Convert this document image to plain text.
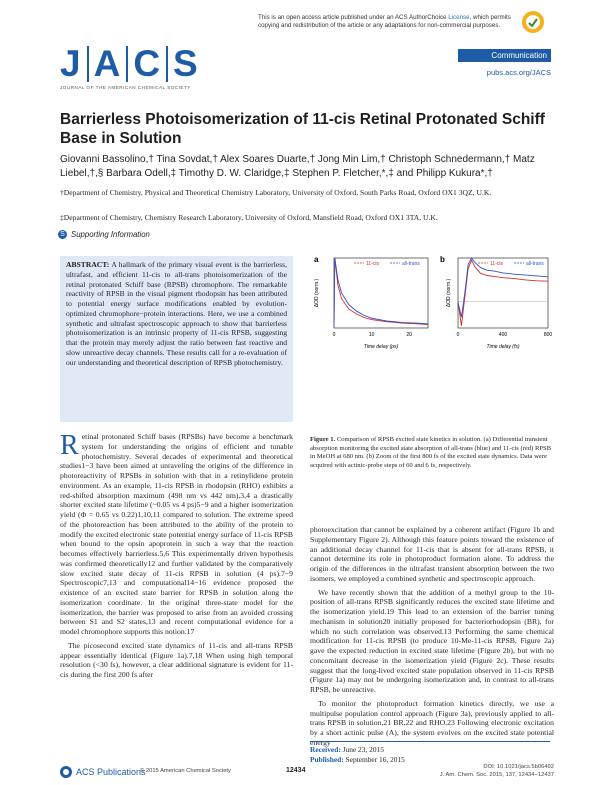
This is an open access article published under an ACS AuthorChoice License, which permits copying and redistribution of the article or any adaptations for non-commercial purposes.
J A C S
JOURNAL OF THE AMERICAN CHEMICAL SOCIETY
Communication
pubs.acs.org/JACS
Barrierless Photoisomerization of 11-cis Retinal Protonated Schiff Base in Solution
Giovanni Bassolino,† Tina Sovdat,† Alex Soares Duarte,† Jong Min Lim,† Christoph Schnedermann,† Matz Liebel,†,§ Barbara Odell,‡ Timothy D. W. Claridge,‡ Stephen P. Fletcher,*,‡ and Philipp Kukura*,†
†Department of Chemistry, Physical and Theoretical Chemistry Laboratory, University of Oxford, South Parks Road, Oxford OX1 3QZ, U.K.
‡Department of Chemistry, Chemistry Research Laboratory, University of Oxford, Mansfield Road, Oxford OX1 3TA, U.K.
S Supporting Information
ABSTRACT: A hallmark of the primary visual event is the barrierless, ultrafast, and efficient 11-cis to all-trans photoisomerization of the retinal protonated Schiff base (RPSB) chromophore. The remarkable reactivity of RPSB in the visual pigment rhodopsin has been attributed to potential energy surface modifications enabled by evolution-optimized chromophore−protein interactions. Here, we use a combined synthetic and ultrafast spectroscopic approach to show that barrierless photoisomerization is an intrinsic property of 11-cis RPSB, suggesting that the protein may merely adjust the ratio between fast reactive and slow unreactive decay channels. These results call for a re-evaluation of our understanding and theoretical description of RPSB photochemistry.
a	b
ΔOD (norm.)	ΔOD (norm.)
Time delay (ps)	Time delay (fs)
11-cis	all-trans	11-cis	all-trans
0	10	20	0	400	800
Figure 1. Comparison of RPSB excited state kinetics in solution. (a) Differential transient absorption monitoring the excited state absorption of all-trans (blue) and 11-cis (red) RPSB in MeOH at 680 nm. (b) Zoom of the first 800 fs of the excited state dynamics. Data were acquired with actinic-probe steps of 60 and 6 fs, respectively.

Retinal protonated Schiff bases (RPSBs) have become a benchmark system for understanding the origins of efficient and tunable photochemistry. Several decades of experimental and theoretical studies1−3 have been aimed at unraveling the origins of the difference in photoreactivity of RPSBs in solution with that in a retinylidene protein environment. As an example, 11-cis RPSB in rhodopsin (RHO) exhibits a red-shifted absorption maximum (498 nm vs 442 nm),3,4 a drastically shorter excited state lifetime (~0.05 vs 4 ps)5−9 and a higher isomerization yield (Φ = 0.65 vs 0.22)1,10,11 compared to solution. The extreme speed of the photoreaction has been attributed to the ability of the protein to modify the excited electronic state potential energy surface of 11-cis RPSB when bound to the opsin apoprotein in such a way that the reaction becomes effectively barrierless.5,6 This experimentally driven hypothesis was confirmed theoretically12 and further validated by the comparatively slow excited state decay of 11-cis RPSB in solution (4 ps).7−9 Spectroscopic7,13 and computational14−16 evidence proposed the existence of an excited state barrier for RPSB in solution along the isomerization coordinate. In the original three-state model for the isomerization, the barrier was proposed to arise from an avoided crossing between S1 and S2 states,13 and recent computational evidence for a model chromophore supports this notion.17

The picosecond excited state dynamics of 11-cis and all-trans RPSB appear essentially identical (Figure 1a).7,18 When using high temporal resolution (<30 fs), however, a clear additional signature is evident for 11-cis during the first 200 fs after

photoexcitation that cannot be explained by a coherent artifact (Figure 1b and Supplementary Figure 2). Although this feature points toward the existence of an additional decay channel for 11-cis that is absent for all-trans RPSB, it cannot determine its role in photoproduct formation alone. To address the origin of the differences in the ultrafast transient absorption between the two isomers, we employed a combined synthetic and spectroscopic approach.

We have recently shown that the addition of a methyl group to the 10-position of all-trans RPSB significantly reduces the excited state lifetime and the isomerization yield.19 This lead to an extension of the barrier tuning mechanism in solution20 initially proposed for bacteriorhodopsin (BR), for which no such correlation was observed.13 Performing the same chemical modification for 11-cis RPSB (to produce 10-Me-11-cis RPSB, Figure 2a) gave the expected reduction in excited state lifetime (Figure 2b), but with no concomitant decrease in the isomerization yield (Figure 2c). These results suggest that the long-lived excited state population observed in 11-cis RPSB (Figure 1a) may not be undergoing isomerization and, in contrast to all-trans RPSB, be unreactive.

To monitor the photoproduct formation kinetics directly, we use a multipulse population control approach (Figure 3a), previously applied to all-trans RPSB in solution,21 BR,22 and RHO.23 Following electronic excitation by a short actinic pulse (A), the system evolves on the excited state potential energy

Received: June 23, 2015
Published: September 16, 2015
ACS Publications
© 2015 American Chemical Society	12434	DOI: 10.1021/jacs.5b06492
J. Am. Chem. Soc. 2015, 137, 12434−12437
